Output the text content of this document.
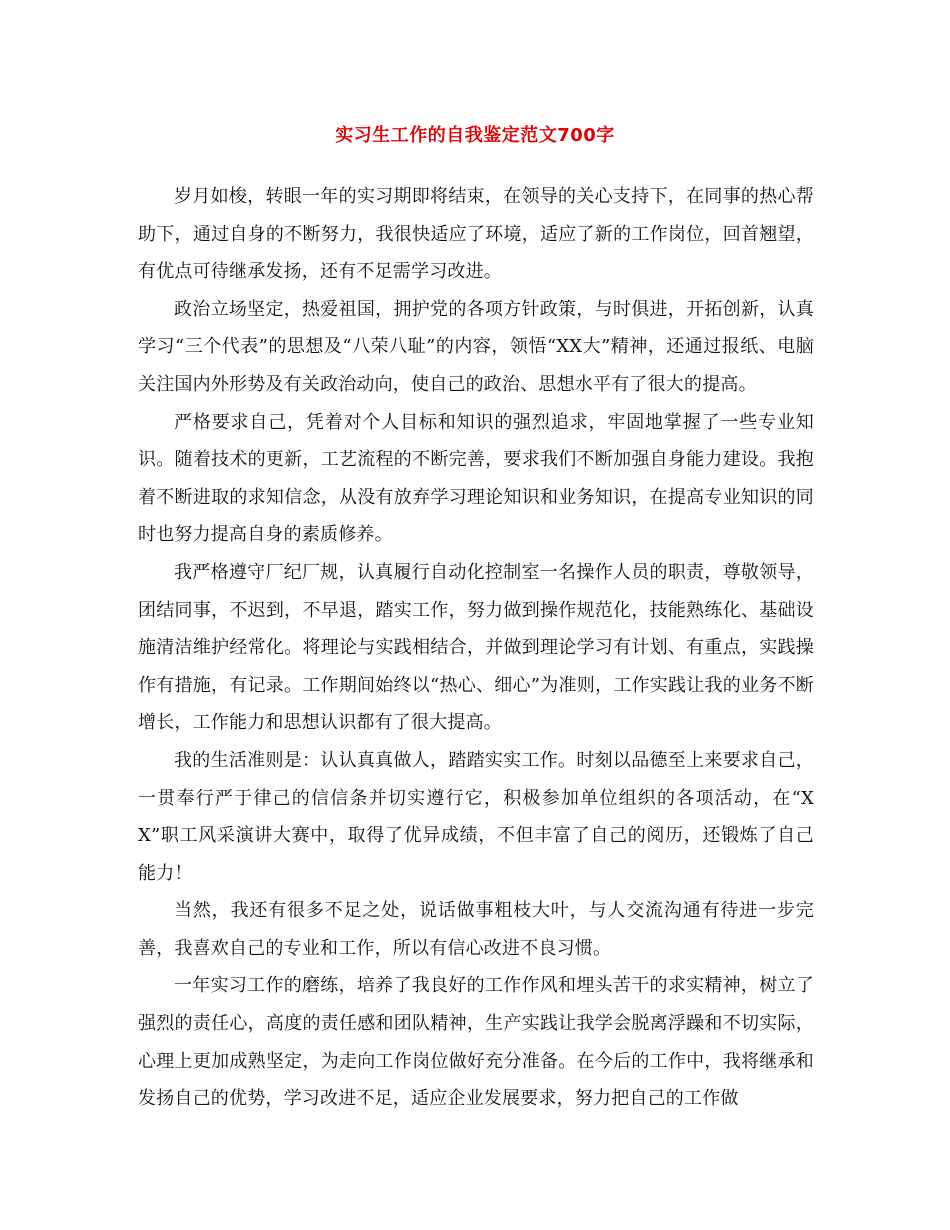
实习生工作的自我鉴定范文700字

岁月如梭，转眼一年的实习期即将结束，在领导的关心支持下，在同事的热心帮助下，通过自身的不断努力，我很快适应了环境，适应了新的工作岗位，回首翘望，有优点可待继承发扬，还有不足需学习改进。

政治立场坚定，热爱祖国，拥护党的各项方针政策，与时俱进，开拓创新，认真学习“三个代表”的思想及“八荣八耻”的内容，领悟“XX大”精神，还通过报纸、电脑关注国内外形势及有关政治动向，使自己的政治、思想水平有了很大的提高。

严格要求自己，凭着对个人目标和知识的强烈追求，牢固地掌握了一些专业知识。随着技术的更新，工艺流程的不断完善，要求我们不断加强自身能力建设。我抱着不断进取的求知信念，从没有放弃学习理论知识和业务知识，在提高专业知识的同时也努力提高自身的素质修养。

我严格遵守厂纪厂规，认真履行自动化控制室一名操作人员的职责，尊敬领导，团结同事，不迟到，不早退，踏实工作，努力做到操作规范化，技能熟练化、基础设施清洁维护经常化。将理论与实践相结合，并做到理论学习有计划、有重点，实践操作有措施，有记录。工作期间始终以“热心、细心”为准则，工作实践让我的业务不断增长，工作能力和思想认识都有了很大提高。

我的生活准则是：认认真真做人，踏踏实实工作。时刻以品德至上来要求自己，一贯奉行严于律己的信信条并切实遵行它，积极参加单位组织的各项活动，在“XX”职工风采演讲大赛中，取得了优异成绩，不但丰富了自己的阅历，还锻炼了自己能力！

当然，我还有很多不足之处，说话做事粗枝大叶，与人交流沟通有待进一步完善，我喜欢自己的专业和工作，所以有信心改进不良习惯。

一年实习工作的磨练，培养了我良好的工作作风和埋头苦干的求实精神，树立了强烈的责任心，高度的责任感和团队精神，生产实践让我学会脱离浮躁和不切实际，心理上更加成熟坚定，为走向工作岗位做好充分准备。在今后的工作中，我将继承和发扬自己的优势，学习改进不足，适应企业发展要求，努力把自己的工作做
